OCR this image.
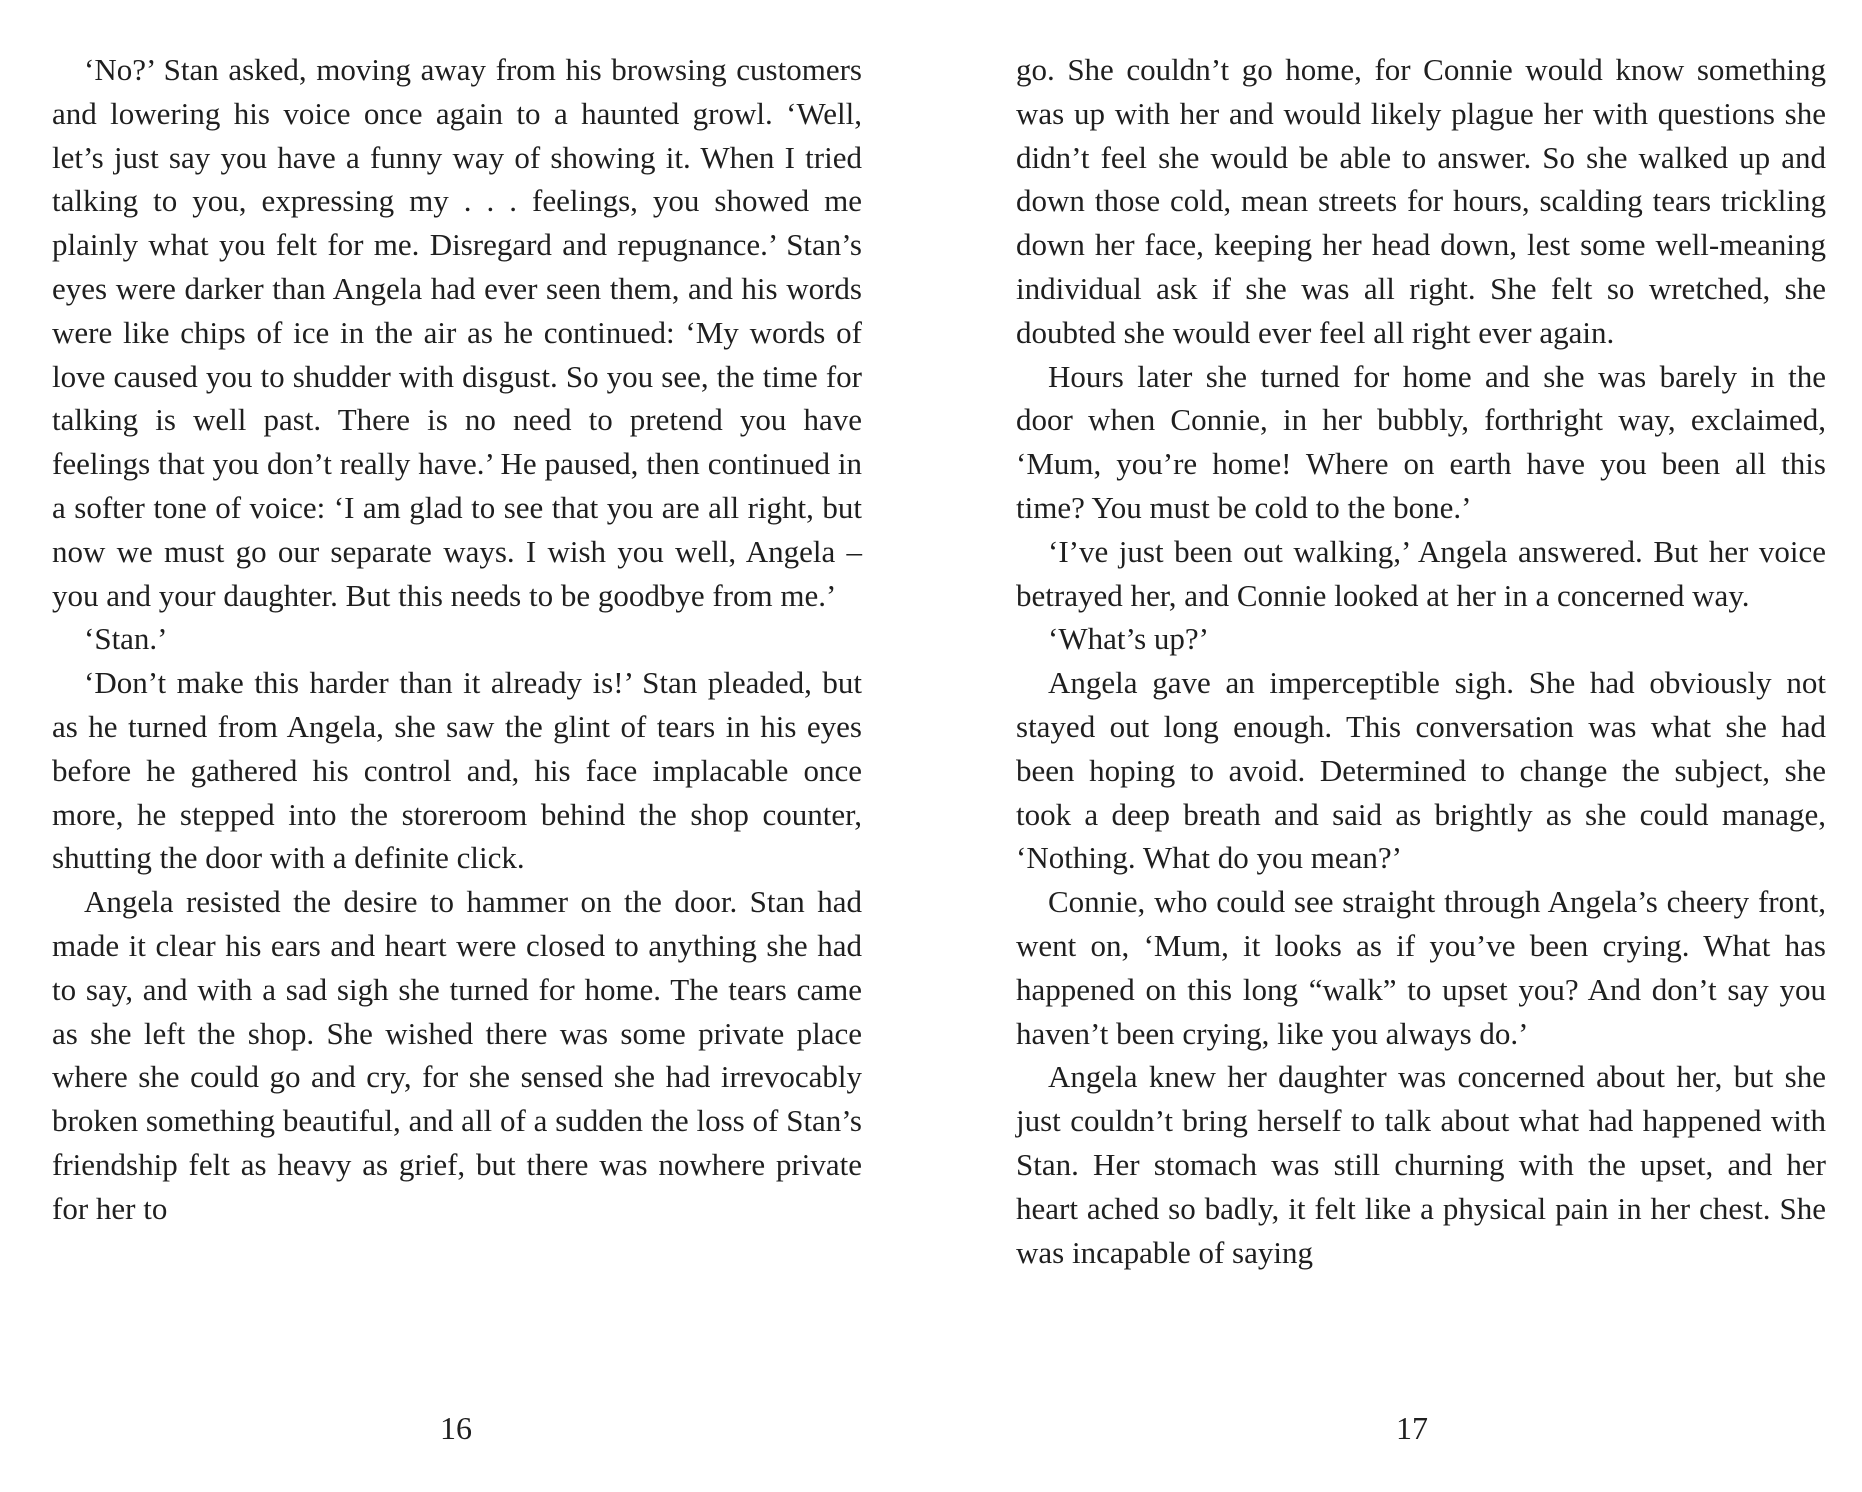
‘No?’ Stan asked, moving away from his browsing customers and lowering his voice once again to a haunted growl. ‘Well, let’s just say you have a funny way of showing it. When I tried talking to you, expressing my . . . feelings, you showed me plainly what you felt for me. Disregard and repugnance.’ Stan’s eyes were darker than Angela had ever seen them, and his words were like chips of ice in the air as he continued: ‘My words of love caused you to shudder with disgust. So you see, the time for talking is well past. There is no need to pretend you have feelings that you don’t really have.’ He paused, then continued in a softer tone of voice: ‘I am glad to see that you are all right, but now we must go our separate ways. I wish you well, Angela – you and your daughter. But this needs to be goodbye from me.’

‘Stan.’

‘Don’t make this harder than it already is!’ Stan pleaded, but as he turned from Angela, she saw the glint of tears in his eyes before he gathered his control and, his face implacable once more, he stepped into the storeroom behind the shop counter, shutting the door with a definite click.

Angela resisted the desire to hammer on the door. Stan had made it clear his ears and heart were closed to anything she had to say, and with a sad sigh she turned for home. The tears came as she left the shop. She wished there was some private place where she could go and cry, for she sensed she had irrevocably broken something beautiful, and all of a sudden the loss of Stan’s friendship felt as heavy as grief, but there was nowhere private for her to

16

go. She couldn’t go home, for Connie would know something was up with her and would likely plague her with questions she didn’t feel she would be able to answer. So she walked up and down those cold, mean streets for hours, scalding tears trickling down her face, keeping her head down, lest some well-meaning individual ask if she was all right. She felt so wretched, she doubted she would ever feel all right ever again.

Hours later she turned for home and she was barely in the door when Connie, in her bubbly, forthright way, exclaimed, ‘Mum, you’re home! Where on earth have you been all this time? You must be cold to the bone.’

‘I’ve just been out walking,’ Angela answered. But her voice betrayed her, and Connie looked at her in a concerned way.

‘What’s up?’

Angela gave an imperceptible sigh. She had obviously not stayed out long enough. This conversation was what she had been hoping to avoid. Determined to change the subject, she took a deep breath and said as brightly as she could manage, ‘Nothing. What do you mean?’

Connie, who could see straight through Angela’s cheery front, went on, ‘Mum, it looks as if you’ve been crying. What has happened on this long “walk” to upset you? And don’t say you haven’t been crying, like you always do.’

Angela knew her daughter was concerned about her, but she just couldn’t bring herself to talk about what had happened with Stan. Her stomach was still churning with the upset, and her heart ached so badly, it felt like a physical pain in her chest. She was incapable of saying

17
